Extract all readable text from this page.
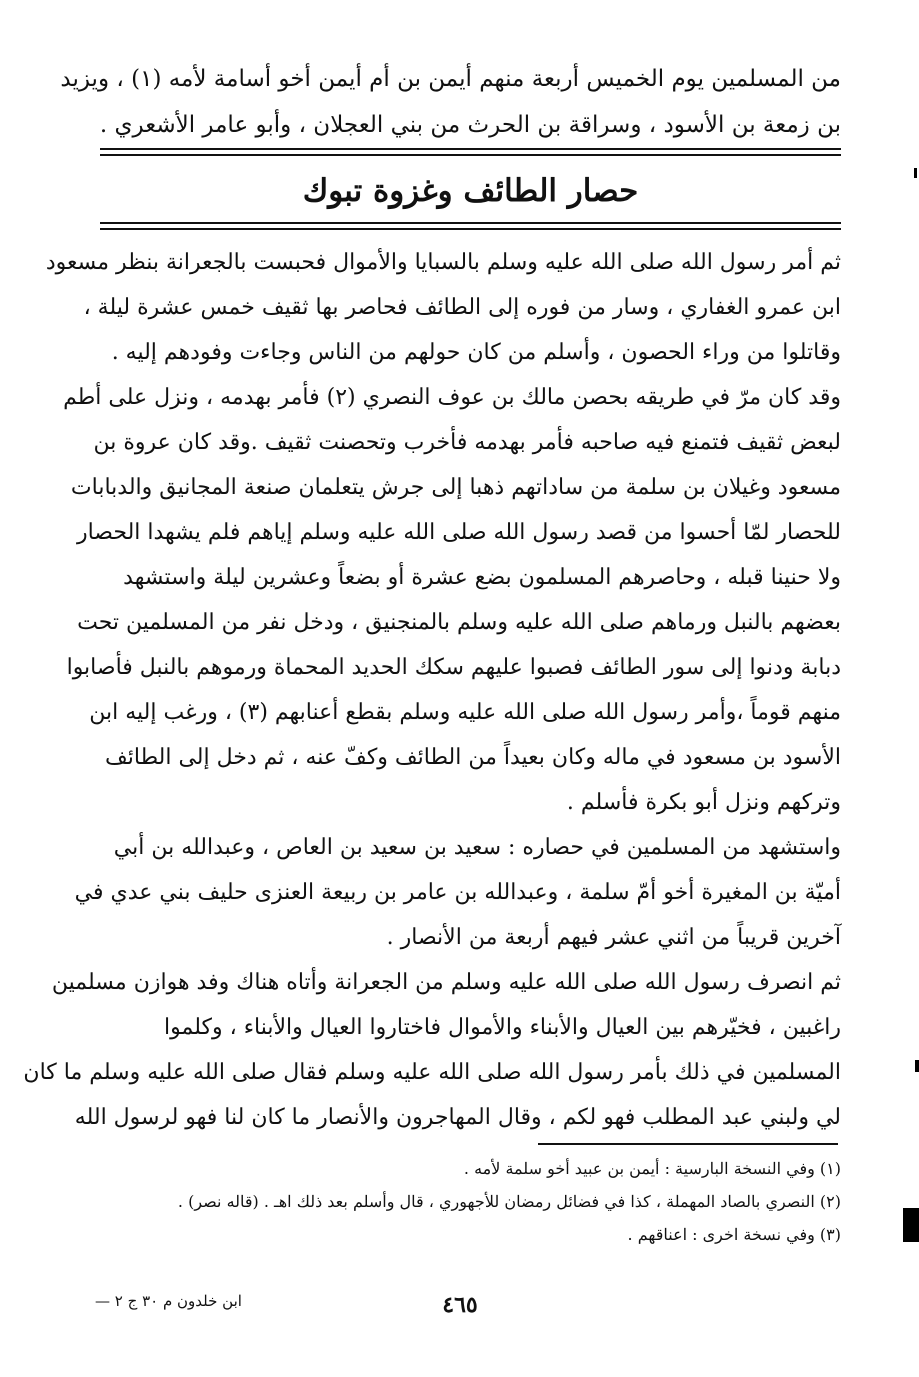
من المسلمين يوم الخميس أربعة منهم أيمن بن أم أيمن أخو أسامة لأمه (١) ، ويزيد
بن زمعة بن الأسود ، وسراقة بن الحرث من بني العجلان ، وأبو عامر الأشعري .
حصار الطائف وغزوة تبوك
ثم أمر رسول الله صلى الله عليه وسلم بالسبايا والأموال فحبست بالجعرانة بنظر مسعود
ابن عمرو الغفاري ، وسار من فوره إلى الطائف فحاصر بها ثقيف خمس عشرة ليلة ،
وقاتلوا من وراء الحصون ، وأسلم من كان حولهم من الناس وجاءت وفودهم إليه .
وقد كان مرّ في طريقه بحصن مالك بن عوف النصري (٢) فأمر بهدمه ، ونزل على أطم
لبعض ثقيف فتمنع فيه صاحبه فأمر بهدمه فأخرب وتحصنت ثقيف .وقد كان عروة بن
مسعود وغيلان بن سلمة من ساداتهم ذهبا إلى جرش يتعلمان صنعة المجانيق والدبابات
للحصار لمّا أحسوا من قصد رسول الله صلى الله عليه وسلم إياهم فلم يشهدا الحصار
ولا حنينا قبله ، وحاصرهم المسلمون بضع عشرة أو بضعاً وعشرين ليلة واستشهد
بعضهم بالنبل ورماهم صلى الله عليه وسلم بالمنجنيق ، ودخل نفر من المسلمين تحت
دبابة ودنوا إلى سور الطائف فصبوا عليهم سكك الحديد المحماة ورموهم بالنبل فأصابوا
منهم قوماً ،وأمر رسول الله صلى الله عليه وسلم بقطع أعنابهم (٣) ، ورغب إليه ابن
الأسود بن مسعود في ماله وكان بعيداً من الطائف وكفّ عنه ، ثم دخل إلى الطائف
وتركهم ونزل أبو بكرة فأسلم .
واستشهد من المسلمين في حصاره : سعيد بن سعيد بن العاص ، وعبدالله بن أبي
أميّة بن المغيرة أخو أمّ سلمة ، وعبدالله بن عامر بن ربيعة العنزى حليف بني عدي في
آخرين قريباً من اثني عشر فيهم أربعة من الأنصار .
ثم انصرف رسول الله صلى الله عليه وسلم من الجعرانة وأتاه هناك وفد هوازن مسلمين
راغبين ، فخيّرهم بين العيال والأبناء والأموال فاختاروا العيال والأبناء ، وكلموا
المسلمين في ذلك بأمر رسول الله صلى الله عليه وسلم فقال صلى الله عليه وسلم ما كان
لي ولبني عبد المطلب فهو لكم ، وقال المهاجرون والأنصار ما كان لنا فهو لرسول الله
(١) وفي النسخة البارسية : أيمن بن عبيد أخو سلمة لأمه .
(٢) النصري بالصاد المهملة ، كذا في فضائل رمضان للأجهوري ، قال وأسلم بعد ذلك اهـ . (قاله نصر) .
(٣) وفي نسخة اخرى : اعناقهم .
٤٦٥
ابن خلدون م ٣٠ ج ٢ —
